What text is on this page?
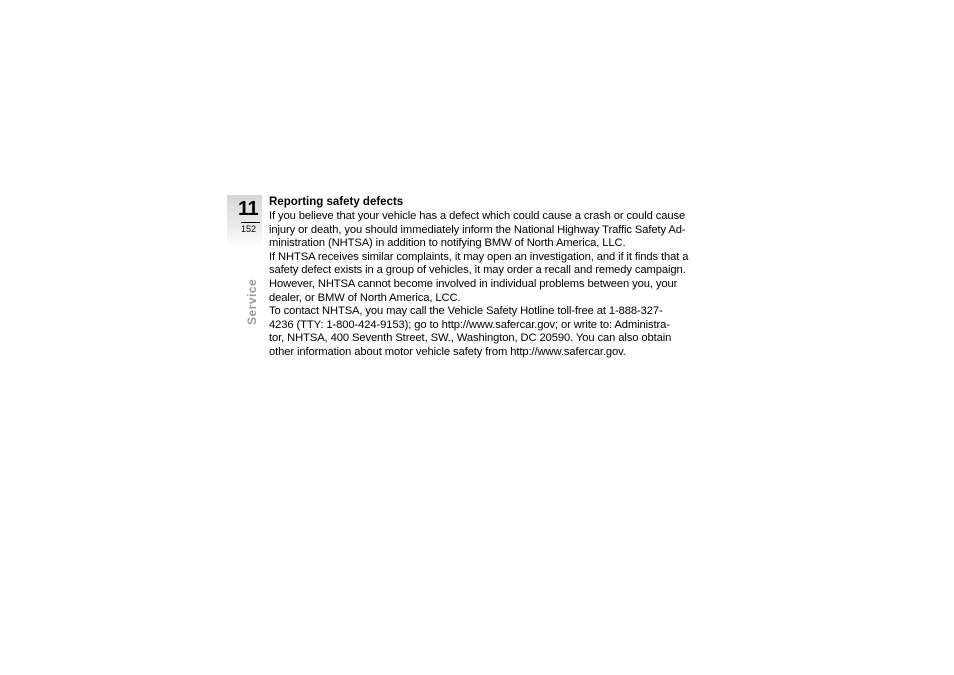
11
152
Service
Reporting safety defects

If you believe that your vehicle has a defect which could cause a crash or could cause
injury or death, you should immediately inform the National Highway Traffic Safety Ad-
ministration (NHTSA) in addition to notifying BMW of North America, LLC.

If NHTSA receives similar complaints, it may open an investigation, and if it finds that a
safety defect exists in a group of vehicles, it may order a recall and remedy campaign.
However, NHTSA cannot become involved in individual problems between you, your
dealer, or BMW of North America, LCC.

To contact NHTSA, you may call the Vehicle Safety Hotline toll-free at 1-888-327-
4236 (TTY: 1-800-424-9153); go to http://www.safercar.gov; or write to: Administra-
tor, NHTSA, 400 Seventh Street, SW., Washington, DC 20590. You can also obtain
other information about motor vehicle safety from http://www.safercar.gov.
